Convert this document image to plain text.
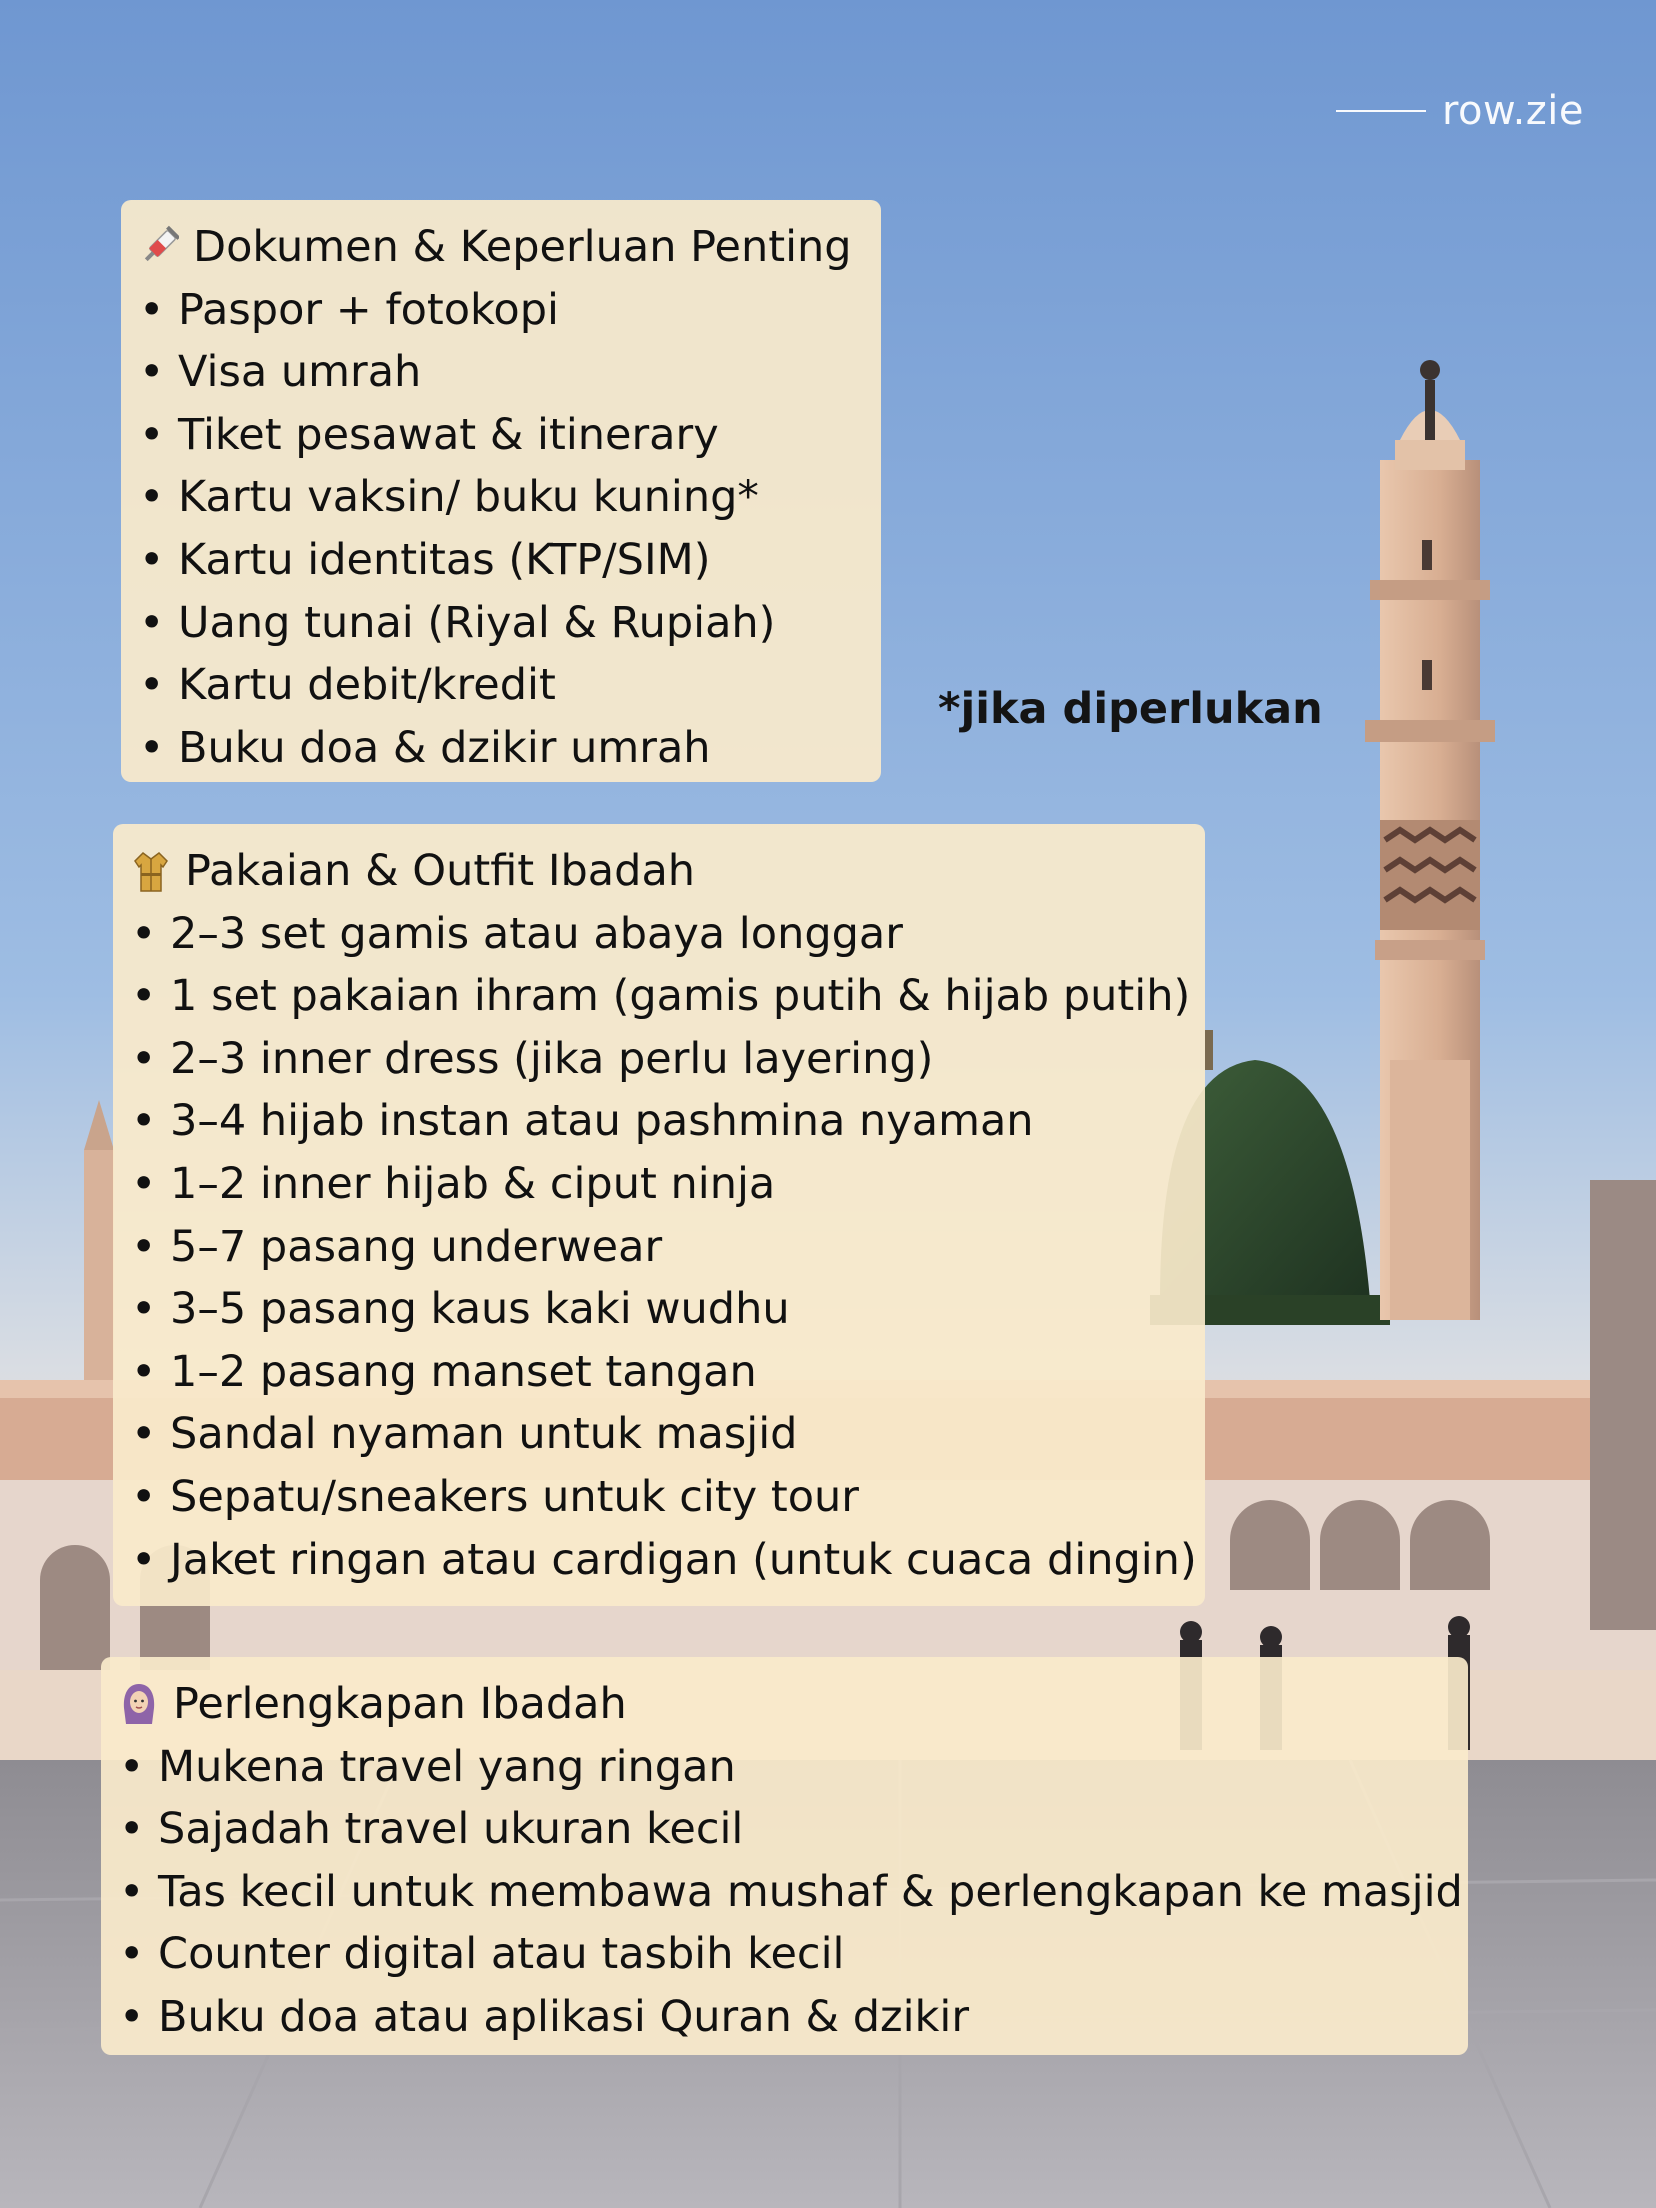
row.zie
*jika diperlukan
Dokumen & Keperluan Penting
• Paspor + fotokopi
• Visa umrah
• Tiket pesawat & itinerary
• Kartu vaksin/ buku kuning*
• Kartu identitas (KTP/SIM)
• Uang tunai (Riyal & Rupiah)
• Kartu debit/kredit
• Buku doa & dzikir umrah
Pakaian & Outfit Ibadah
• 2–3 set gamis atau abaya longgar
• 1 set pakaian ihram (gamis putih & hijab putih)
• 2–3 inner dress (jika perlu layering)
• 3–4 hijab instan atau pashmina nyaman
• 1–2 inner hijab & ciput ninja
• 5–7 pasang underwear
• 3–5 pasang kaus kaki wudhu
• 1–2 pasang manset tangan
• Sandal nyaman untuk masjid
• Sepatu/sneakers untuk city tour
• Jaket ringan atau cardigan (untuk cuaca dingin)
Perlengkapan Ibadah
• Mukena travel yang ringan
• Sajadah travel ukuran kecil
• Tas kecil untuk membawa mushaf & perlengkapan ke masjid
• Counter digital atau tasbih kecil
• Buku doa atau aplikasi Quran & dzikir
